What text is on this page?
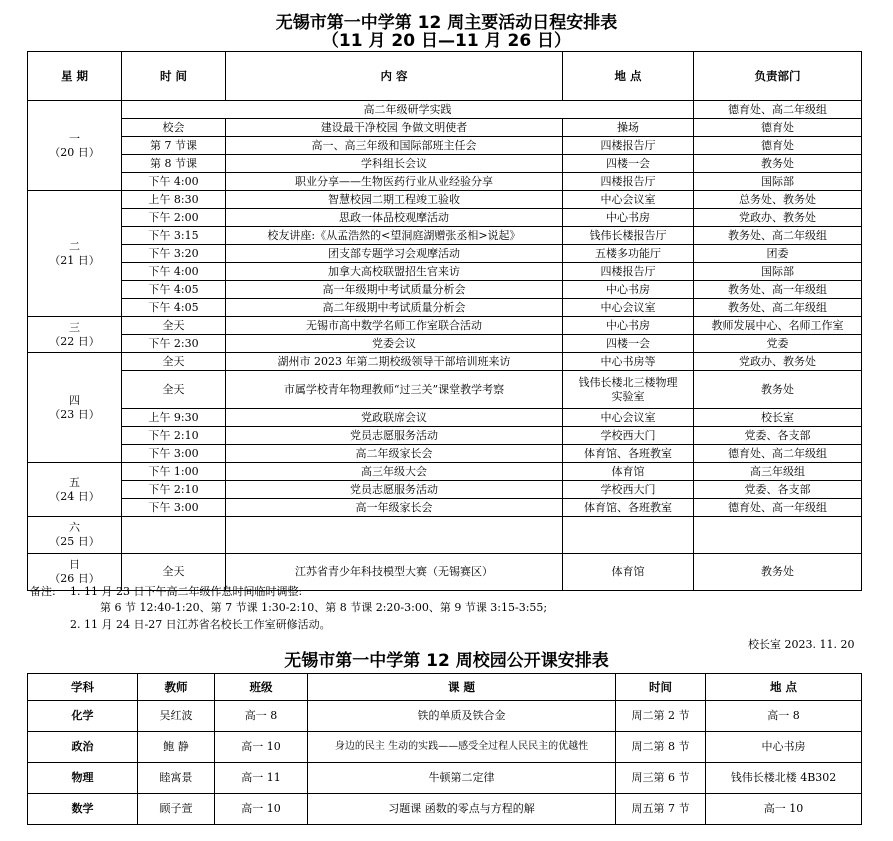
无锡市第一中学第 12 周主要活动日程安排表
（11 月 20 日—11 月 26 日）
星 期	时 间	内 容	地 点	负责部门

一
（20 日）	高二年级研学实践			德育处、高二年级组
	校会	建设最干净校园 争做文明使者	操场	德育处
	第 7 节课	高一、高三年级和国际部班主任会	四楼报告厅	德育处
	第 8 节课	学科组长会议	四楼一会	教务处
	下午 4:00	职业分享——生物医药行业从业经验分享	四楼报告厅	国际部

二
（21 日）	上午 8:30	智慧校园二期工程竣工验收	中心会议室	总务处、教务处
	下午 2:00	思政一体品校观摩活动	中心书房	党政办、教务处
	下午 3:15	校友讲座:《从孟浩然的<望洞庭湖赠张丞相>说起》	钱伟长楼报告厅	教务处、高二年级组
	下午 3:20	团支部专题学习会观摩活动	五楼多功能厅	团委
	下午 4:00	加拿大高校联盟招生官来访	四楼报告厅	国际部
	下午 4:05	高一年级期中考试质量分析会	中心书房	教务处、高一年级组
	下午 4:05	高二年级期中考试质量分析会	中心会议室	教务处、高二年级组

三
（22 日）	全天	无锡市高中数学名师工作室联合活动	中心书房	教师发展中心、名师工作室
	下午 2:30	党委会议	四楼一会	党委

四
（23 日）	全天	湖州市 2023 年第二期校级领导干部培训班来访	中心书房等	党政办、教务处
	全天	市属学校青年物理教师“过三关”课堂教学考察	钱伟长楼北三楼物理实验室	教务处
	上午 9:30	党政联席会议	中心会议室	校长室
	下午 2:10	党员志愿服务活动	学校西大门	党委、各支部
	下午 3:00	高二年级家长会	体育馆、各班教室	德育处、高二年级组

五
（24 日）	下午 1:00	高三年级大会	体育馆	高三年级组
	下午 2:10	党员志愿服务活动	学校西大门	党委、各支部
	下午 3:00	高一年级家长会	体育馆、各班教室	德育处、高一年级组

六
（25 日）				

日
（26 日）	全天	江苏省青少年科技模型大赛（无锡赛区）	体育馆	教务处
备注: 1. 11 月 23 日下午高二年级作息时间临时调整:
第 6 节 12:40-1:20、第 7 节课 1:30-2:10、第 8 节课 2:20-3:00、第 9 节课 3:15-3:55;
2. 11 月 24 日-27 日江苏省名校长工作室研修活动。
校长室 2023. 11. 20
无锡市第一中学第 12 周校园公开课安排表
学科	教师	班级	课 题	时间	地 点
化学	吴红波	高一 8	铁的单质及铁合金	周二第 2 节	高一 8
政治	鲍 静	高一 10	身边的民主 生动的实践——感受全过程人民民主的优越性	周二第 8 节	中心书房
物理	睦寓景	高一 11	牛顿第二定律	周三第 6 节	钱伟长楼北楼 4B302
数学	顾子萱	高一 10	习题课 函数的零点与方程的解	周五第 7 节	高一 10
